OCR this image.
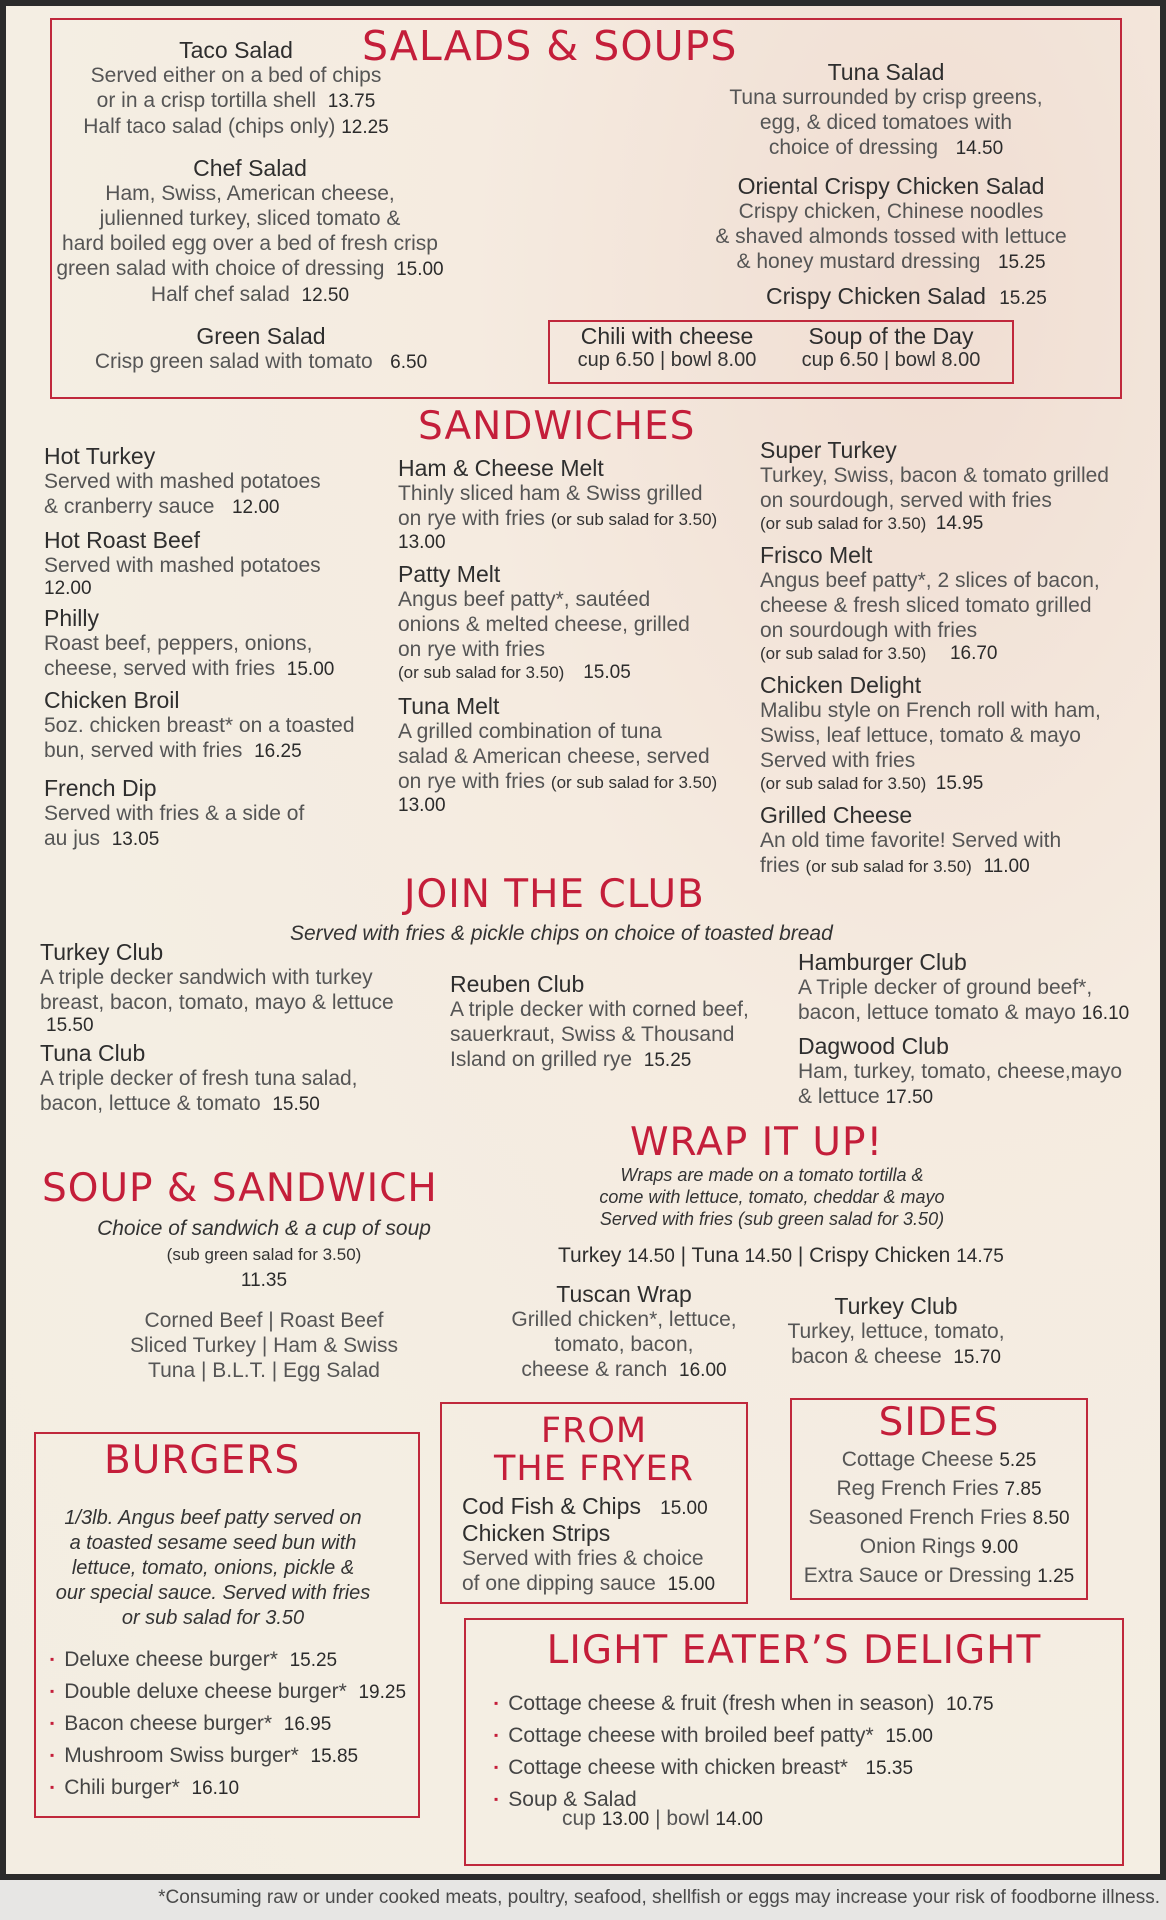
SALADS & SOUPS
Taco Salad
Served either on a bed of chips
or in a crisp tortilla shell 13.75
Half taco salad (chips only) 12.25
Chef Salad
Ham, Swiss, American cheese,
julienned turkey, sliced tomato &
hard boiled egg over a bed of fresh crisp
green salad with choice of dressing 15.00
Half chef salad 12.50
Green Salad
Crisp green salad with tomato 6.50
Tuna Salad
Tuna surrounded by crisp greens,
egg, & diced tomatoes with
choice of dressing 14.50
Oriental Crispy Chicken Salad
Crispy chicken, Chinese noodles
& shaved almonds tossed with lettuce
& honey mustard dressing 15.25
Crispy Chicken Salad 15.25
Chili with cheese
cup 6.50 | bowl 8.00
Soup of the Day
cup 6.50 | bowl 8.00
SANDWICHES
Hot Turkey
Served with mashed potatoes
& cranberry sauce 12.00
Hot Roast Beef
Served with mashed potatoes
12.00
Philly
Roast beef, peppers, onions,
cheese, served with fries 15.00
Chicken Broil
5oz. chicken breast* on a toasted
bun, served with fries 16.25
French Dip
Served with fries & a side of
au jus 13.05
Ham & Cheese Melt
Thinly sliced ham & Swiss grilled
on rye with fries (or sub salad for 3.50)
13.00
Patty Melt
Angus beef patty*, sautéed
onions & melted cheese, grilled
on rye with fries
(or sub salad for 3.50) 15.05
Tuna Melt
A grilled combination of tuna
salad & American cheese, served
on rye with fries (or sub salad for 3.50)
13.00
Super Turkey
Turkey, Swiss, bacon & tomato grilled
on sourdough, served with fries
(or sub salad for 3.50) 14.95
Frisco Melt
Angus beef patty*, 2 slices of bacon,
cheese & fresh sliced tomato grilled
on sourdough with fries
(or sub salad for 3.50) 16.70
Chicken Delight
Malibu style on French roll with ham,
Swiss, leaf lettuce, tomato & mayo
Served with fries
(or sub salad for 3.50) 15.95
Grilled Cheese
An old time favorite! Served with
fries (or sub salad for 3.50) 11.00
JOIN THE CLUB
Served with fries & pickle chips on choice of toasted bread
Turkey Club
A triple decker sandwich with turkey
breast, bacon, tomato, mayo & lettuce
15.50
Tuna Club
A triple decker of fresh tuna salad,
bacon, lettuce & tomato 15.50
Reuben Club
A triple decker with corned beef,
sauerkraut, Swiss & Thousand
Island on grilled rye 15.25
Hamburger Club
A Triple decker of ground beef*,
bacon, lettuce tomato & mayo 16.10
Dagwood Club
Ham, turkey, tomato, cheese,mayo
& lettuce 17.50
SOUP & SANDWICH
Choice of sandwich & a cup of soup
(sub green salad for 3.50)
11.35
Corned Beef | Roast Beef
Sliced Turkey | Ham & Swiss
Tuna | B.L.T. | Egg Salad
WRAP IT UP!
Wraps are made on a tomato tortilla &
come with lettuce, tomato, cheddar & mayo
Served with fries (sub green salad for 3.50)
Turkey 14.50 | Tuna 14.50 | Crispy Chicken 14.75
Tuscan Wrap
Grilled chicken*, lettuce,
tomato, bacon,
cheese & ranch 16.00
Turkey Club
Turkey, lettuce, tomato,
bacon & cheese 15.70
BURGERS
1/3lb. Angus beef patty served on
a toasted sesame seed bun with
lettuce, tomato, onions, pickle &
our special sauce. Served with fries
or sub salad for 3.50
▪ Deluxe cheese burger* 15.25
▪ Double deluxe cheese burger* 19.25
▪ Bacon cheese burger* 16.95
▪ Mushroom Swiss burger* 15.85
▪ Chili burger* 16.10
FROM
THE FRYER
Cod Fish & Chips 15.00
Chicken Strips
Served with fries & choice
of one dipping sauce 15.00
SIDES
Cottage Cheese 5.25
Reg French Fries 7.85
Seasoned French Fries 8.50
Onion Rings 9.00
Extra Sauce or Dressing 1.25
LIGHT EATER’S DELIGHT
▪ Cottage cheese & fruit (fresh when in season) 10.75
▪ Cottage cheese with broiled beef patty* 15.00
▪ Cottage cheese with chicken breast* 15.35
▪ Soup & Salad
cup 13.00 | bowl 14.00
*Consuming raw or under cooked meats, poultry, seafood, shellfish or eggs may increase your risk of foodborne illness.
